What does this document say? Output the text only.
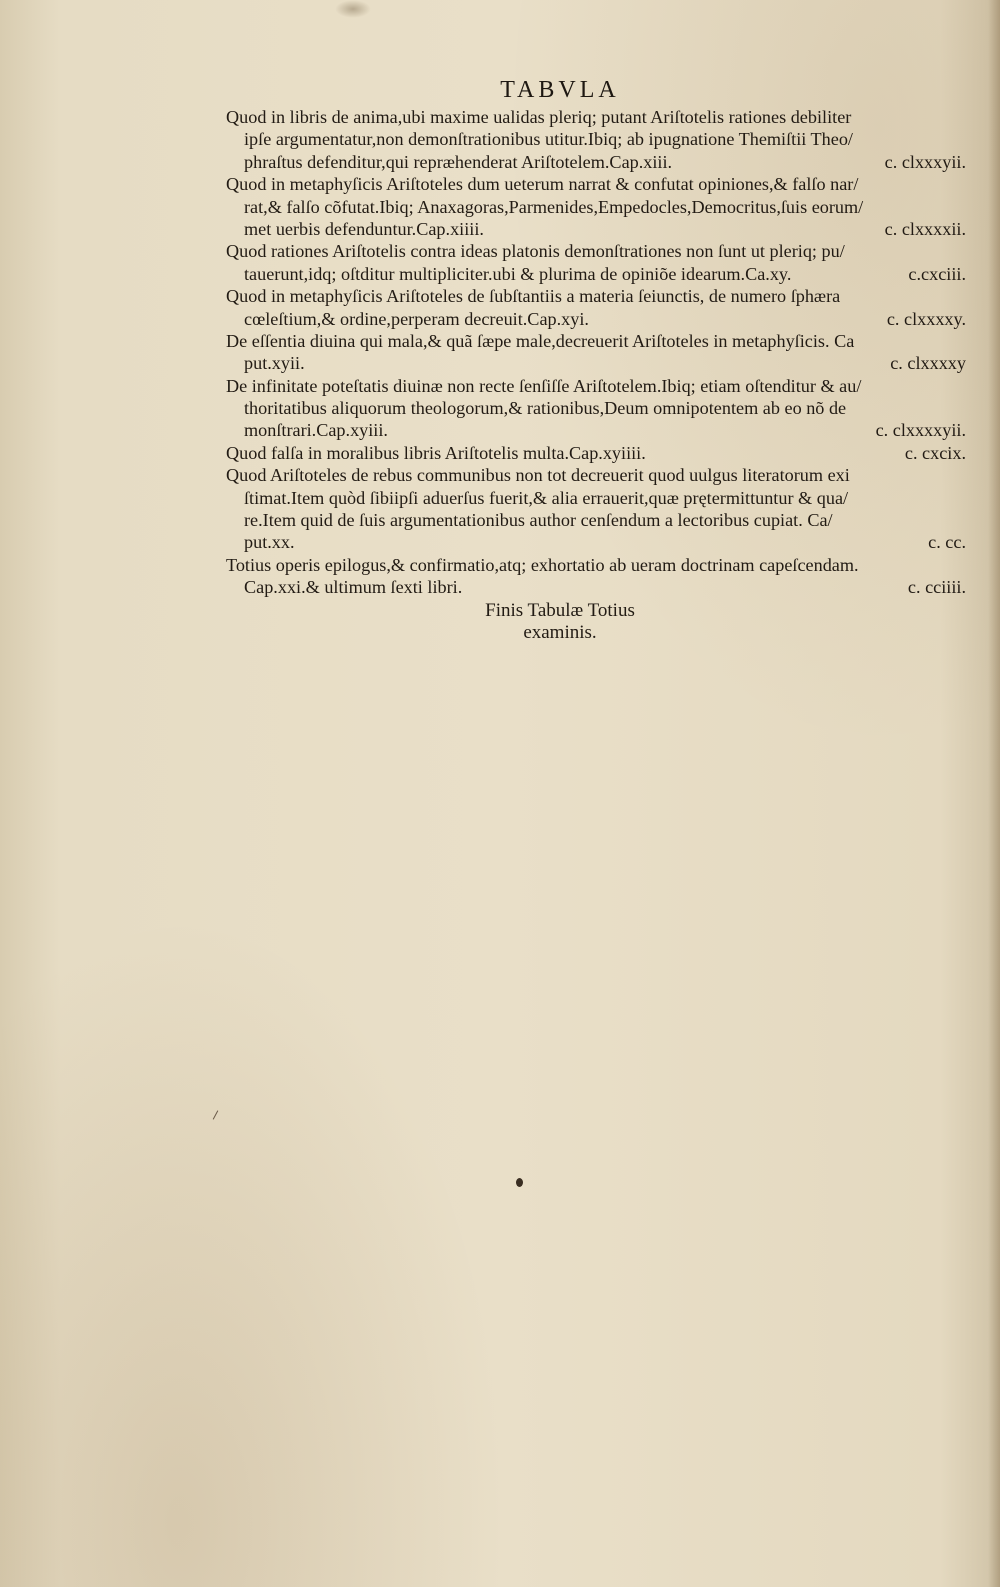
TABVLA
Quod in libris de anima,ubi maxime ualidas pleriq; putant Ariſtotelis rationes debiliter
ipſe argumentatur,non demonſtrationibus utitur.Ibiq; ab ipugnatione Themiſtii Theo/
phraſtus defenditur,qui repræhenderat Ariſtotelem.Cap.xiii.	c. clxxxyii.
Quod in metaphyſicis Ariſtoteles dum ueterum narrat & confutat opiniones,& falſo nar/
rat,& falſo cõfutat.Ibiq; Anaxagoras,Parmenides,Empedocles,Democritus,ſuis eorum/
met uerbis defenduntur.Cap.xiiii.	c. clxxxxii.
Quod rationes Ariſtotelis contra ideas platonis demonſtrationes non ſunt ut pleriq; pu/
tauerunt,idq; oſtditur multipliciter.ubi & plurima de opiniõe idearum.Ca.xy.	c.cxciii.
Quod in metaphyſicis Ariſtoteles de ſubſtantiis a materia ſeiunctis, de numero ſphæra
cœleſtium,& ordine,perperam decreuit.Cap.xyi.	c. clxxxxy.
De eſſentia diuina qui mala,& quã ſæpe male,decreuerit Ariſtoteles in metaphyſicis. Ca
put.xyii.	c. clxxxxy
De infinitate poteſtatis diuinæ non recte ſenſiſſe Ariſtotelem.Ibiq; etiam oſtenditur & au/
thoritatibus aliquorum theologorum,& rationibus,Deum omnipotentem ab eo nõ de
monſtrari.Cap.xyiii.	c. clxxxxyii.
Quod falſa in moralibus libris Ariſtotelis multa.Cap.xyiiii.	c. cxcix.
Quod Ariſtoteles de rebus communibus non tot decreuerit quod uulgus literatorum exi
ſtimat.Item quòd ſibiipſi aduerſus fuerit,& alia errauerit,quæ prętermittuntur & qua/
re.Item quid de ſuis argumentationibus author cenſendum a lectoribus cupiat. Ca/
put.xx.	c. cc.
Totius operis epilogus,& confirmatio,atq; exhortatio ab ueram doctrinam capeſcendam.
Cap.xxi.& ultimum ſexti libri.	c. cciiii.
Finis Tabulæ Totius
examinis.
